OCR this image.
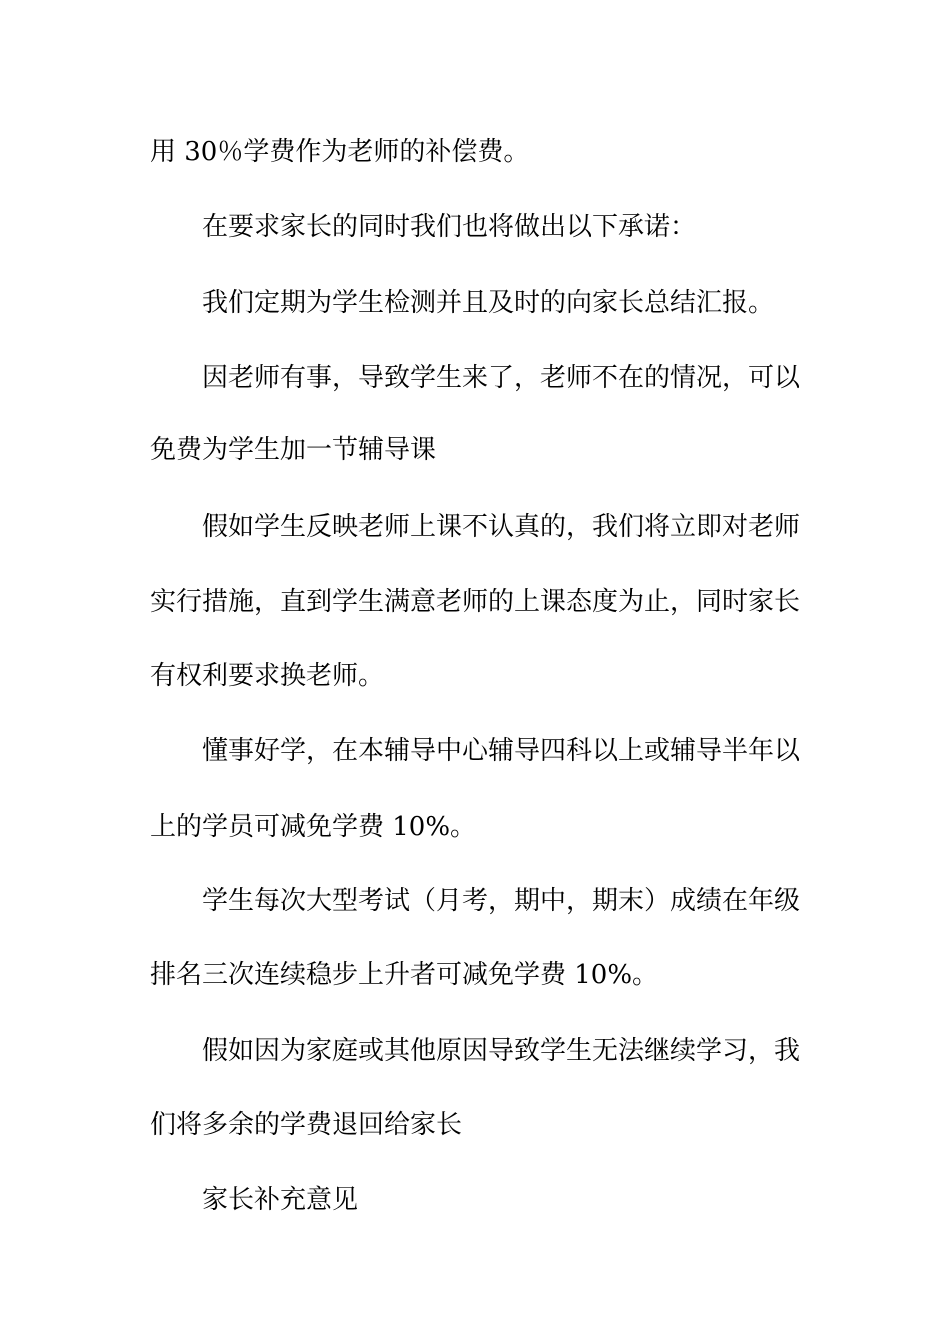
用 30％学费作为老师的补偿费。

在要求家长的同时我们也将做出以下承诺：

我们定期为学生检测并且及时的向家长总结汇报。

因老师有事，导致学生来了，老师不在的情况，可以

免费为学生加一节辅导课

假如学生反映老师上课不认真的，我们将立即对老师

实行措施，直到学生满意老师的上课态度为止，同时家长

有权利要求换老师。

懂事好学，在本辅导中心辅导四科以上或辅导半年以

上的学员可减免学费 10%。

学生每次大型考试（月考，期中，期末）成绩在年级

排名三次连续稳步上升者可减免学费 10%。

假如因为家庭或其他原因导致学生无法继续学习，我

们将多余的学费退回给家长

家长补充意见
